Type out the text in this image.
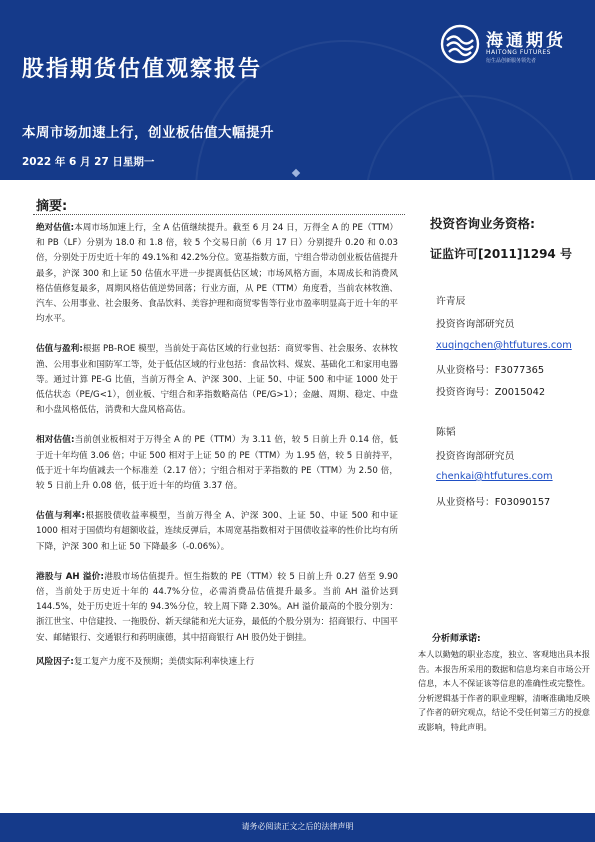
股指期货估值观察报告
本周市场加速上行，创业板估值大幅提升
2022 年 6 月 27 日星期一
海通期货
HAITONG FUTURES
衍生品创新服务领先者
摘要:

绝对估值:本周市场加速上行，全 A 估值继续提升。截至 6 月 24 日，万得全 A 的 PE（TTM）和 PB（LF）分别为 18.0 和 1.8 倍，较 5 个交易日前（6 月 17 日）分别提升 0.20 和 0.03 倍，分别处于历史近十年的 49.1%和 42.2%分位。宽基指数方面，宁组合带动创业板估值提升最多，沪深 300 和上证 50 估值水平进一步提离低估区域；市场风格方面，本周成长和消费风格估值修复最多，周期风格估值逆势回落；行业方面，从 PE（TTM）角度看，当前农林牧渔、汽车、公用事业、社会服务、食品饮料、美容护理和商贸零售等行业市盈率明显高于近十年的平均水平。

估值与盈利:根据 PB-ROE 模型，当前处于高估区域的行业包括：商贸零售、社会服务、农林牧渔、公用事业和国防军工等，处于低估区域的行业包括：食品饮料、煤炭、基础化工和家用电器等。通过计算 PE-G 比值，当前万得全 A、沪深 300、上证 50、中证 500 和中证 1000 处于低估状态（PE/G<1），创业板、宁组合和茅指数略高估（PE/G>1）；金融、周期、稳定、中盘和小盘风格低估，消费和大盘风格高估。

相对估值:当前创业板相对于万得全 A 的 PE（TTM）为 3.11 倍，较 5 日前上升 0.14 倍，低于近十年均值 3.06 倍；中证 500 相对于上证 50 的 PE（TTM）为 1.95 倍，较 5 日前持平，低于近十年均值减去一个标准差（2.17 倍）；宁组合相对于茅指数的 PE（TTM）为 2.50 倍，较 5 日前上升 0.08 倍，低于近十年的均值 3.37 倍。

估值与利率:根据股债收益率模型，当前万得全 A、沪深 300、上证 50、中证 500 和中证 1000 相对于国债均有超额收益，连续反弹后，本周宽基指数相对于国债收益率的性价比均有所下降，沪深 300 和上证 50 下降最多（-0.06%）。

港股与 AH 溢价:港股市场估值提升。恒生指数的 PE（TTM）较 5 日前上升 0.27 倍至 9.90 倍，当前处于历史近十年的 44.7%分位，必需消费品估值提升最多。当前 AH 溢价达到 144.5%，处于历史近十年的 94.3%分位，较上周下降 2.30%。AH 溢价最高的个股分别为：浙江世宝、中信建投、一拖股份、新天绿能和光大证券，最低的个股分别为：招商银行、中国平安、邮储银行、交通银行和药明康德，其中招商银行 AH 股仍处于倒挂。

风险因子:复工复产力度不及预期；美债实际利率快速上行

投资咨询业务资格:
证监许可[2011]1294 号
许青辰
投资咨询部研究员
xuqingchen@htfutures.com
从业资格号：F3077365
投资咨询号：Z0015042
陈韬
投资咨询部研究员
chenkai@htfutures.com
从业资格号：F03090157
分析师承诺:
本人以勤勉的职业态度，独立、客观地出具本报告。本报告所采用的数据和信息均来自市场公开信息，本人不保证该等信息的准确性或完整性。分析逻辑基于作者的职业理解，清晰准确地反映了作者的研究观点，结论不受任何第三方的授意或影响，特此声明。
请务必阅读正文之后的法律声明
